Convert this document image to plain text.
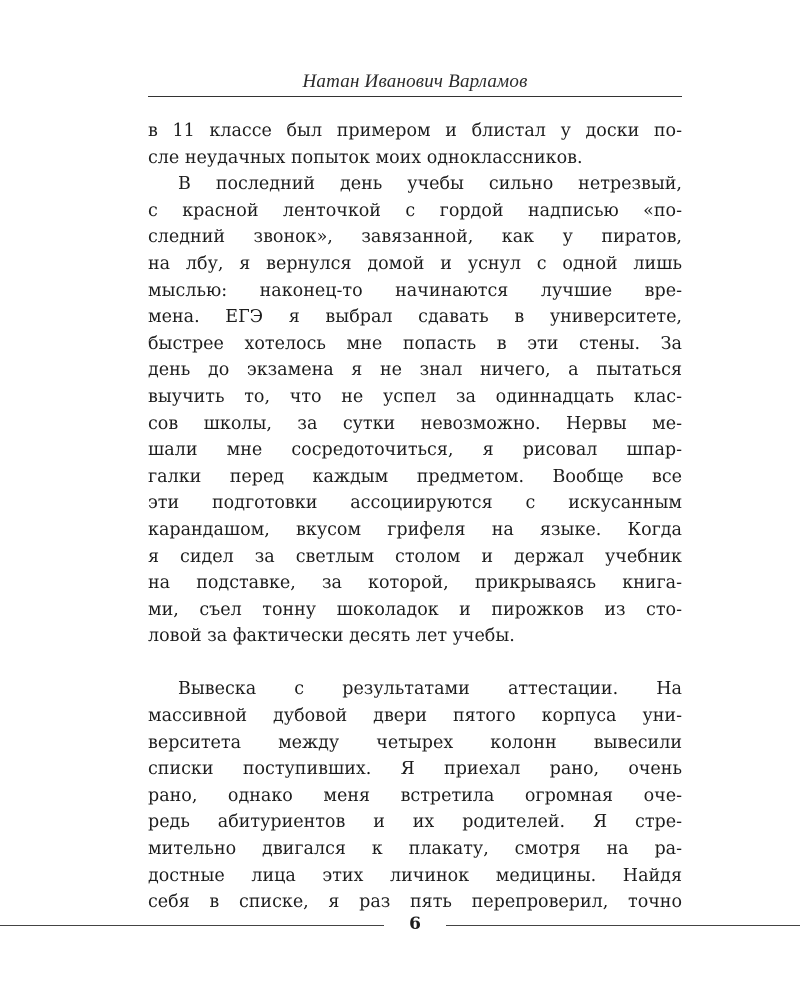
Натан Иванович Варламов
в 11 классе был примером и блистал у доски по-
сле неудачных попыток моих одноклассников.
В последний день учебы сильно нетрезвый,
с красной ленточкой с гордой надписью «по-
следний звонок», завязанной, как у пиратов,
на лбу, я вернулся домой и уснул с одной лишь
мыслью: наконец-то начинаются лучшие вре-
мена. ЕГЭ я выбрал сдавать в университете,
быстрее хотелось мне попасть в эти стены. За
день до экзамена я не знал ничего, а пытаться
выучить то, что не успел за одиннадцать клас-
сов школы, за сутки невозможно. Нервы ме-
шали мне сосредоточиться, я рисовал шпар-
галки перед каждым предметом. Вообще все
эти подготовки ассоциируются с искусанным
карандашом, вкусом грифеля на языке. Когда
я сидел за светлым столом и держал учебник
на подставке, за которой, прикрываясь книга-
ми, съел тонну шоколадок и пирожков из сто-
ловой за фактически десять лет учебы.
Вывеска с результатами аттестации. На
массивной дубовой двери пятого корпуса уни-
верситета между четырех колонн вывесили
списки поступивших. Я приехал рано, очень
рано, однако меня встретила огромная оче-
редь абитуриентов и их родителей. Я стре-
мительно двигался к плакату, смотря на ра-
достные лица этих личинок медицины. Найдя
себя в списке, я раз пять перепроверил, точно
6
